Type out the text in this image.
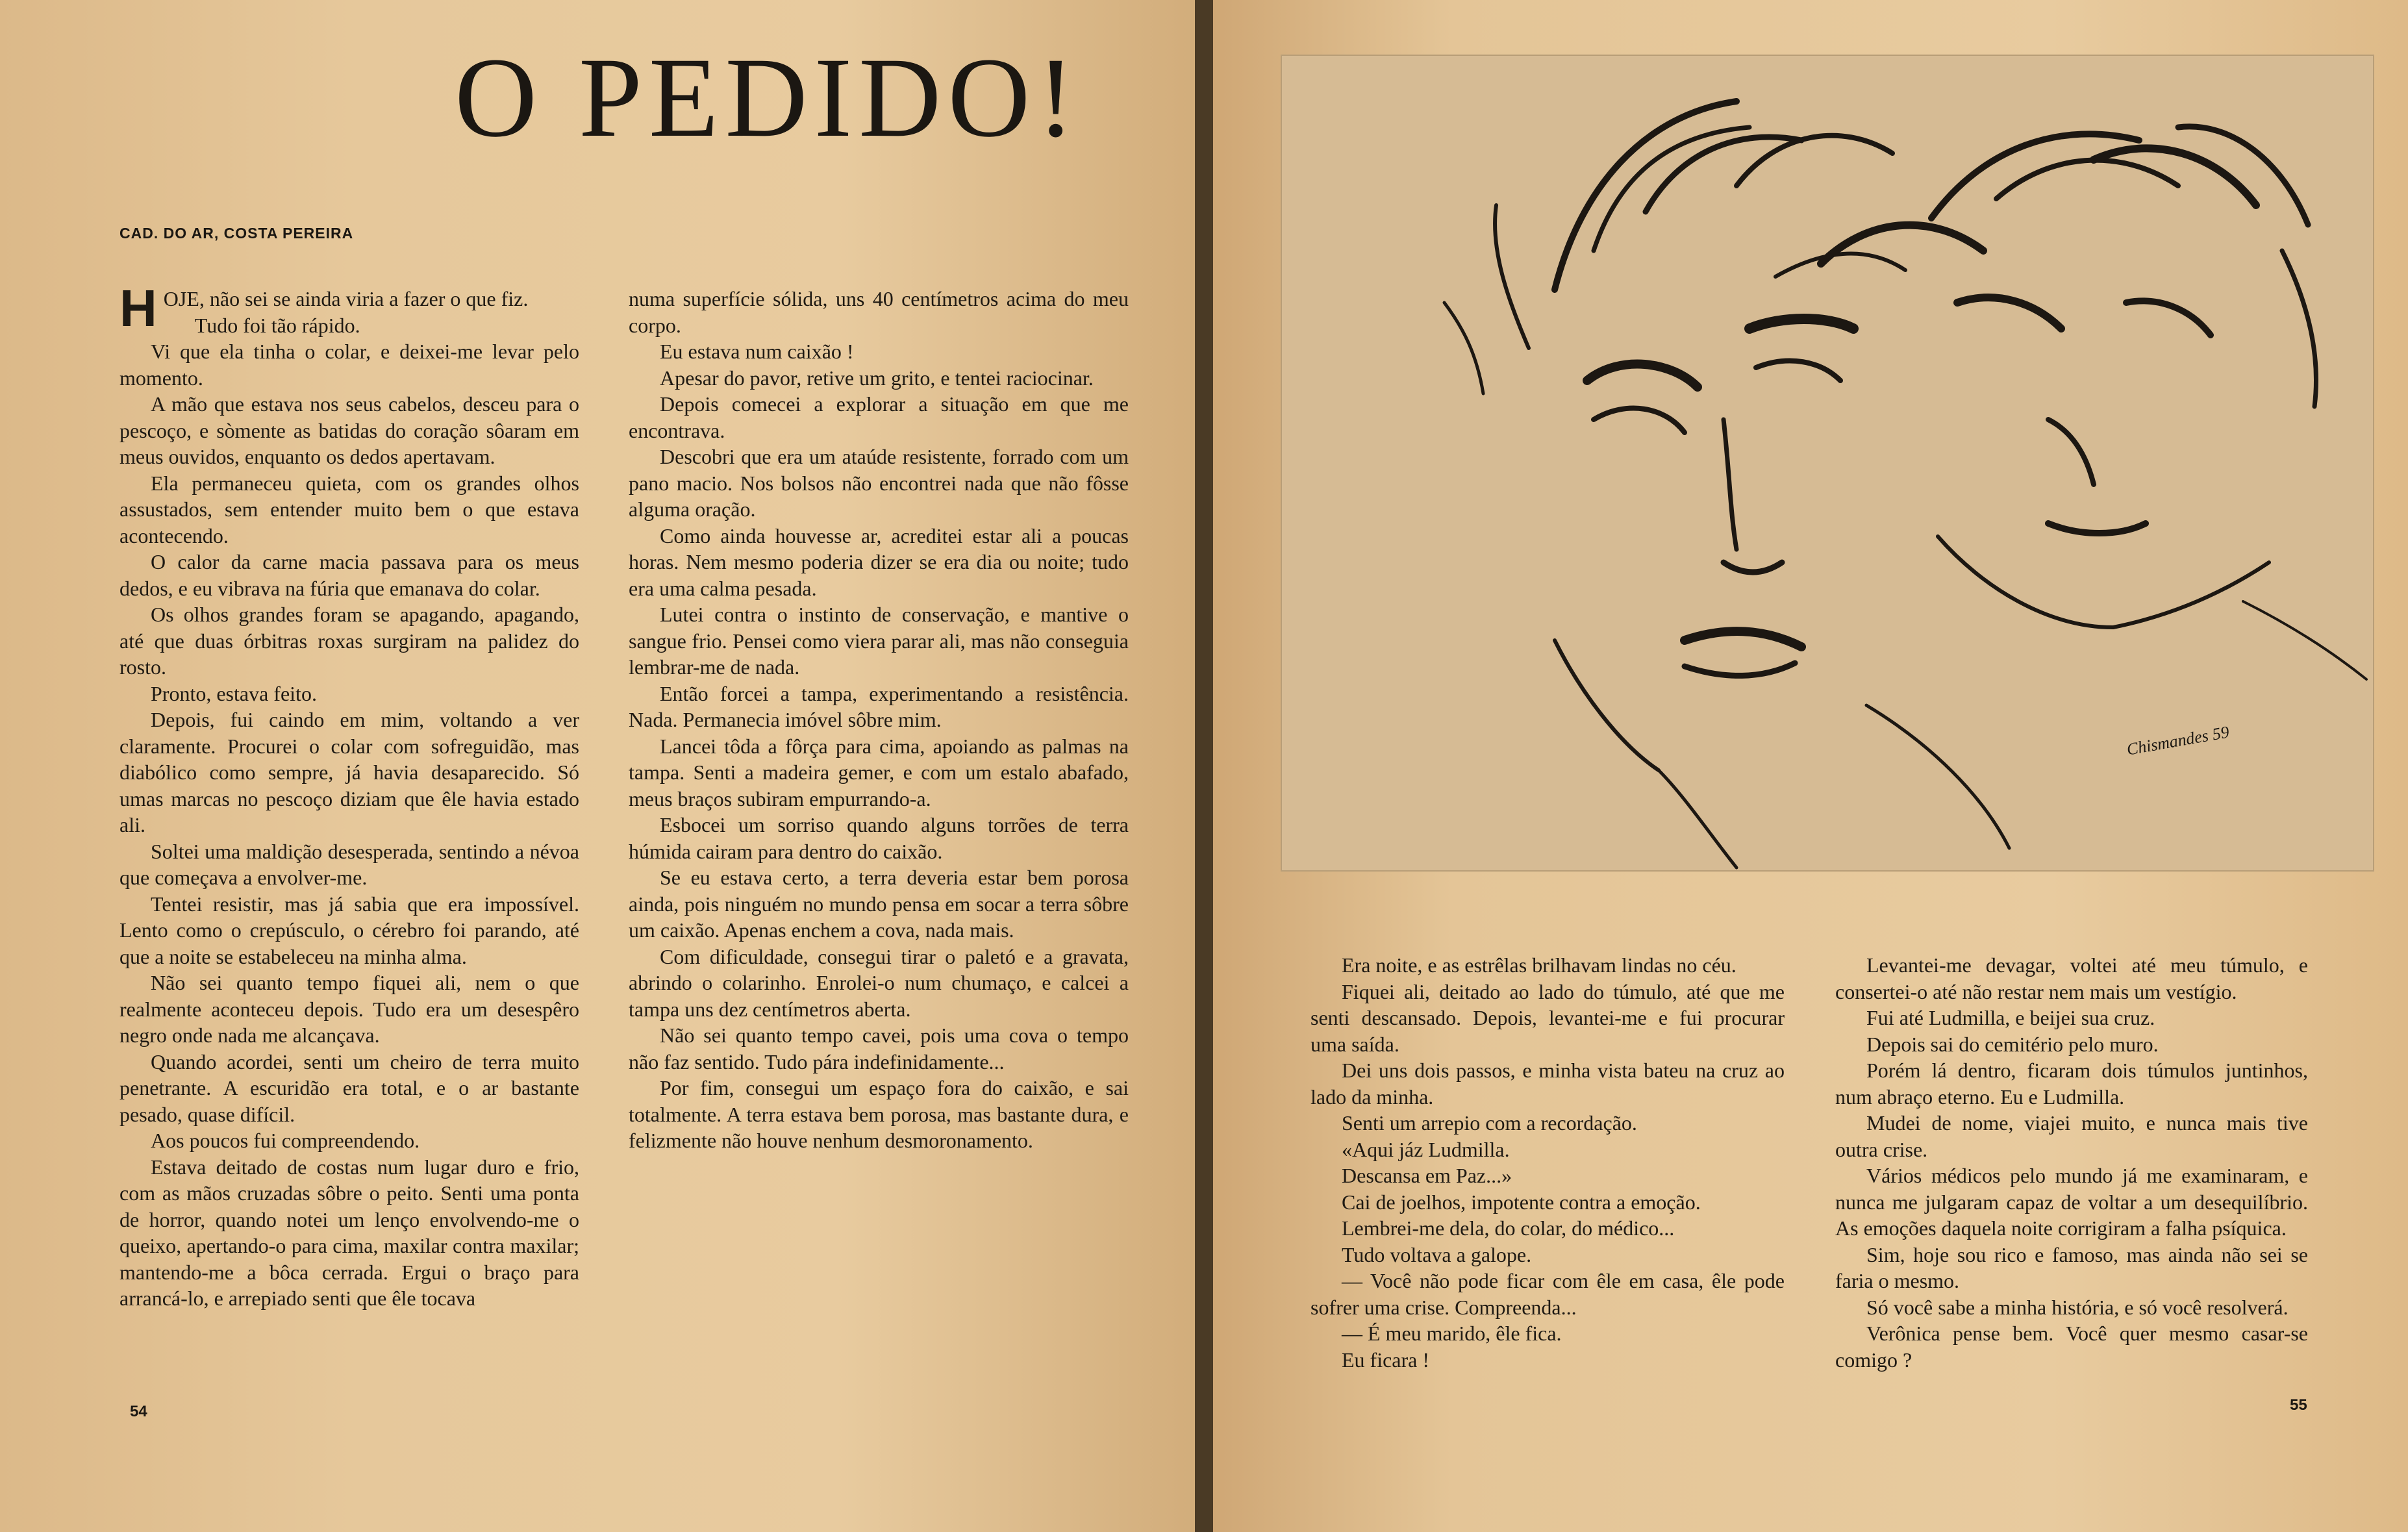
O PEDIDO!
CAD. DO AR, COSTA PEREIRA

HOJE, não sei se ainda viria a fazer o que fiz.

Tudo foi tão rápido.

Vi que ela tinha o colar, e deixei-me levar pelo momento.

A mão que estava nos seus cabelos, desceu para o pescoço, e sòmente as batidas do coração sôaram em meus ouvidos, enquanto os dedos apertavam.

Ela permaneceu quieta, com os grandes olhos assustados, sem entender muito bem o que estava acontecendo.

O calor da carne macia passava para os meus dedos, e eu vibrava na fúria que emanava do colar.

Os olhos grandes foram se apagando, apagando, até que duas órbitras roxas surgiram na palidez do rosto.

Pronto, estava feito.

Depois, fui caindo em mim, voltando a ver claramente. Procurei o colar com sofreguidão, mas diabólico como sempre, já havia desaparecido. Só umas marcas no pescoço diziam que êle havia estado ali.

Soltei uma maldição desesperada, sentindo a névoa que começava a envolver-me.

Tentei resistir, mas já sabia que era impossível. Lento como o crepúsculo, o cérebro foi parando, até que a noite se estabeleceu na minha alma.

Não sei quanto tempo fiquei ali, nem o que realmente aconteceu depois. Tudo era um desespêro negro onde nada me alcançava.

Quando acordei, senti um cheiro de terra muito penetrante. A escuridão era total, e o ar bastante pesado, quase difícil.

Aos poucos fui compreendendo.

Estava deitado de costas num lugar duro e frio, com as mãos cruzadas sôbre o peito. Senti uma ponta de horror, quando notei um lenço envolvendo-me o queixo, apertando-o para cima, maxilar contra maxilar; mantendo-me a bôca cerrada. Ergui o braço para arrancá-lo, e arrepiado senti que êle tocava

numa superfície sólida, uns 40 centímetros acima do meu corpo.

Eu estava num caixão !

Apesar do pavor, retive um grito, e tentei raciocinar.

Depois comecei a explorar a situação em que me encontrava.

Descobri que era um ataúde resistente, forrado com um pano macio. Nos bolsos não encontrei nada que não fôsse alguma oração.

Como ainda houvesse ar, acreditei estar ali a poucas horas. Nem mesmo poderia dizer se era dia ou noite; tudo era uma calma pesada.

Lutei contra o instinto de conservação, e mantive o sangue frio. Pensei como viera parar ali, mas não conseguia lembrar-me de nada.

Então forcei a tampa, experimentando a resistência. Nada. Permanecia imóvel sôbre mim.

Lancei tôda a fôrça para cima, apoiando as palmas na tampa. Senti a madeira gemer, e com um estalo abafado, meus braços subiram empurrando-a.

Esbocei um sorriso quando alguns torrões de terra húmida cairam para dentro do caixão.

Se eu estava certo, a terra deveria estar bem porosa ainda, pois ninguém no mundo pensa em socar a terra sôbre um caixão. Apenas enchem a cova, nada mais.

Com dificuldade, consegui tirar o paletó e a gravata, abrindo o colarinho. Enrolei-o num chumaço, e calcei a tampa uns dez centímetros aberta.

Não sei quanto tempo cavei, pois uma cova o tempo não faz sentido. Tudo pára indefinidamente...

Por fim, consegui um espaço fora do caixão, e sai totalmente. A terra estava bem porosa, mas bastante dura, e felizmente não houve nenhum desmoronamento.

54
Chismandes 59

Era noite, e as estrêlas brilhavam lindas no céu.

Fiquei ali, deitado ao lado do túmulo, até que me senti descansado. Depois, levantei-me e fui procurar uma saída.

Dei uns dois passos, e minha vista bateu na cruz ao lado da minha.

Senti um arrepio com a recordação.

«Aqui jáz Ludmilla.

Descansa em Paz...»

Cai de joelhos, impotente contra a emoção.

Lembrei-me dela, do colar, do médico...

Tudo voltava a galope.

— Você não pode ficar com êle em casa, êle pode sofrer uma crise. Compreenda...

— É meu marido, êle fica.

Eu ficara !

Levantei-me devagar, voltei até meu túmulo, e consertei-o até não restar nem mais um vestígio.

Fui até Ludmilla, e beijei sua cruz.

Depois sai do cemitério pelo muro.

Porém lá dentro, ficaram dois túmulos juntinhos, num abraço eterno. Eu e Ludmilla.

Mudei de nome, viajei muito, e nunca mais tive outra crise.

Vários médicos pelo mundo já me examinaram, e nunca me julgaram capaz de voltar a um desequilíbrio. As emoções daquela noite corrigiram a falha psíquica.

Sim, hoje sou rico e famoso, mas ainda não sei se faria o mesmo.

Só você sabe a minha história, e só você resolverá.

Verônica pense bem. Você quer mesmo casar-se comigo ?

55
